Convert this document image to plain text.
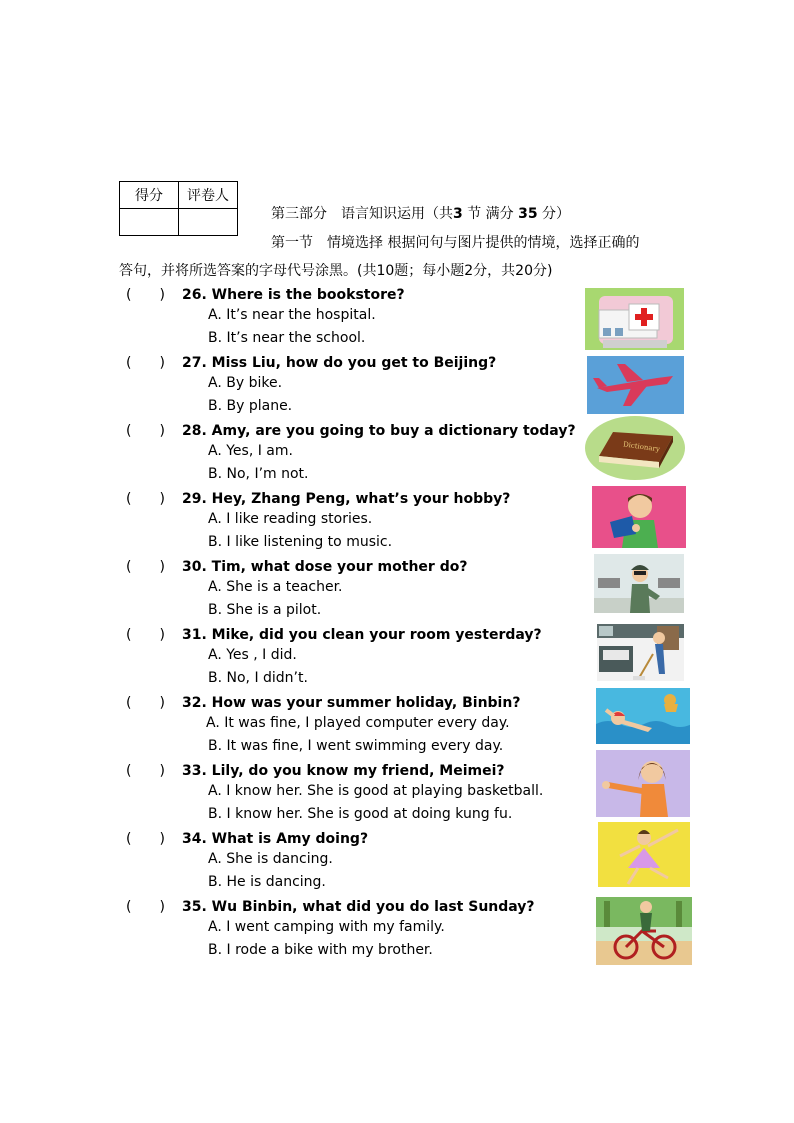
得分	评卷人

第三部分　语言知识运用（共3 节 满分 35 分）
第一节　情境选择 根据问句与图片提供的情境，选择正确的
答句，并将所选答案的字母代号涂黑。(共10题；每小题2分，共20分)
(　　) 26. Where is the bookstore?
A. It’s near the hospital.
B. It’s near the school.
(　　) 27. Miss Liu, how do you get to Beijing?
A. By bike.
B. By plane.
(　　) 28. Amy, are you going to buy a dictionary today?
A. Yes, I am.
B. No, I’m not.
(　　) 29. Hey, Zhang Peng, what’s your hobby?
A. I like reading stories.
B. I like listening to music.
(　　) 30. Tim, what dose your mother do?
A. She is a teacher.
B. She is a pilot.
(　　) 31. Mike, did you clean your room yesterday?
A. Yes , I did.
B. No, I didn’t.
(　　) 32. How was your summer holiday, Binbin?
A. It was fine, I played computer every day.
B. It was fine, I went swimming every day.
(　　) 33. Lily, do you know my friend, Meimei?
A. I know her. She is good at playing basketball.
B. I know her. She is good at doing kung fu.
(　　) 34. What is Amy doing?
A. She is dancing.
B. He is dancing.
(　　) 35. Wu Binbin, what did you do last Sunday?
A. I went camping with my family.
B. I rode a bike with my brother.
Dictionary
